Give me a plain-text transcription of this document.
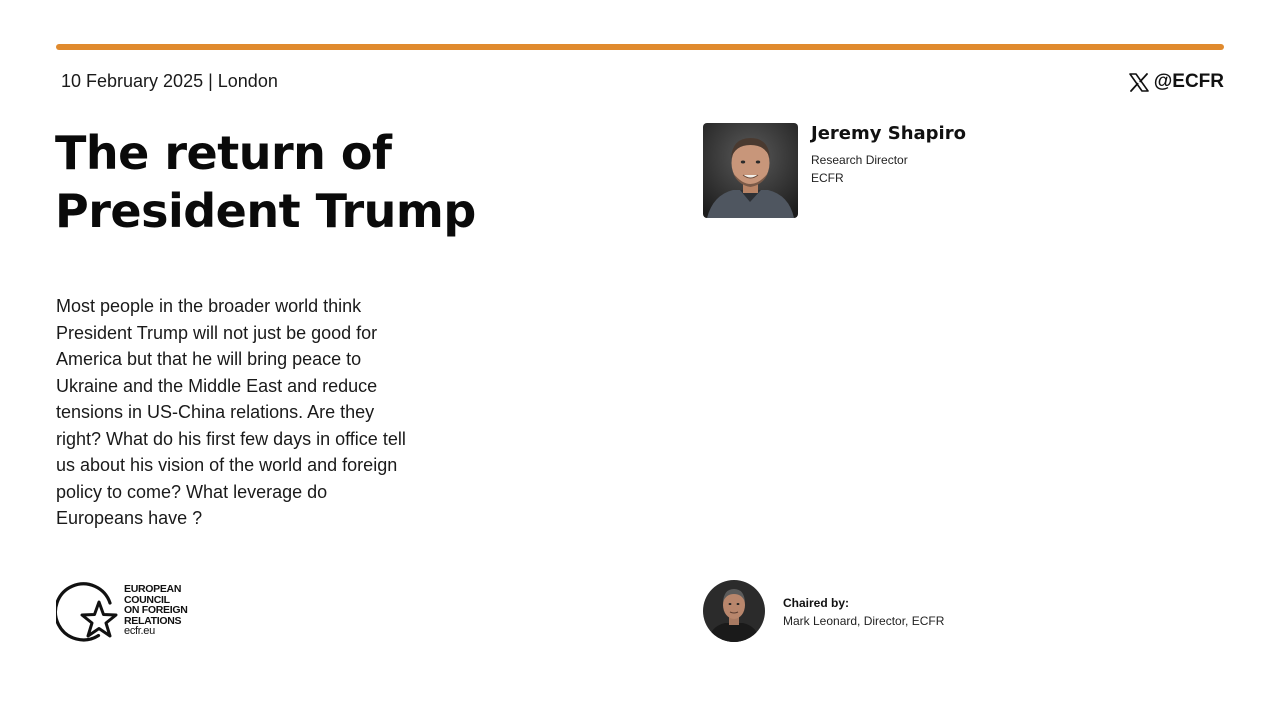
10 February 2025 | London	@ECFR
The return of
President Trump

Most people in the broader world think
President Trump will not just be good for
America but that he will bring peace to
Ukraine and the Middle East and reduce
tensions in US-China relations. Are they
right? What do his first few days in office tell
us about his vision of the world and foreign
policy to come? What leverage do
Europeans have ?

EUROPEAN
COUNCIL
ON FOREIGN
RELATIONS
ecfr.eu
Jeremy Shapiro
Research Director
ECFR
Chaired by:
Mark Leonard, Director, ECFR
